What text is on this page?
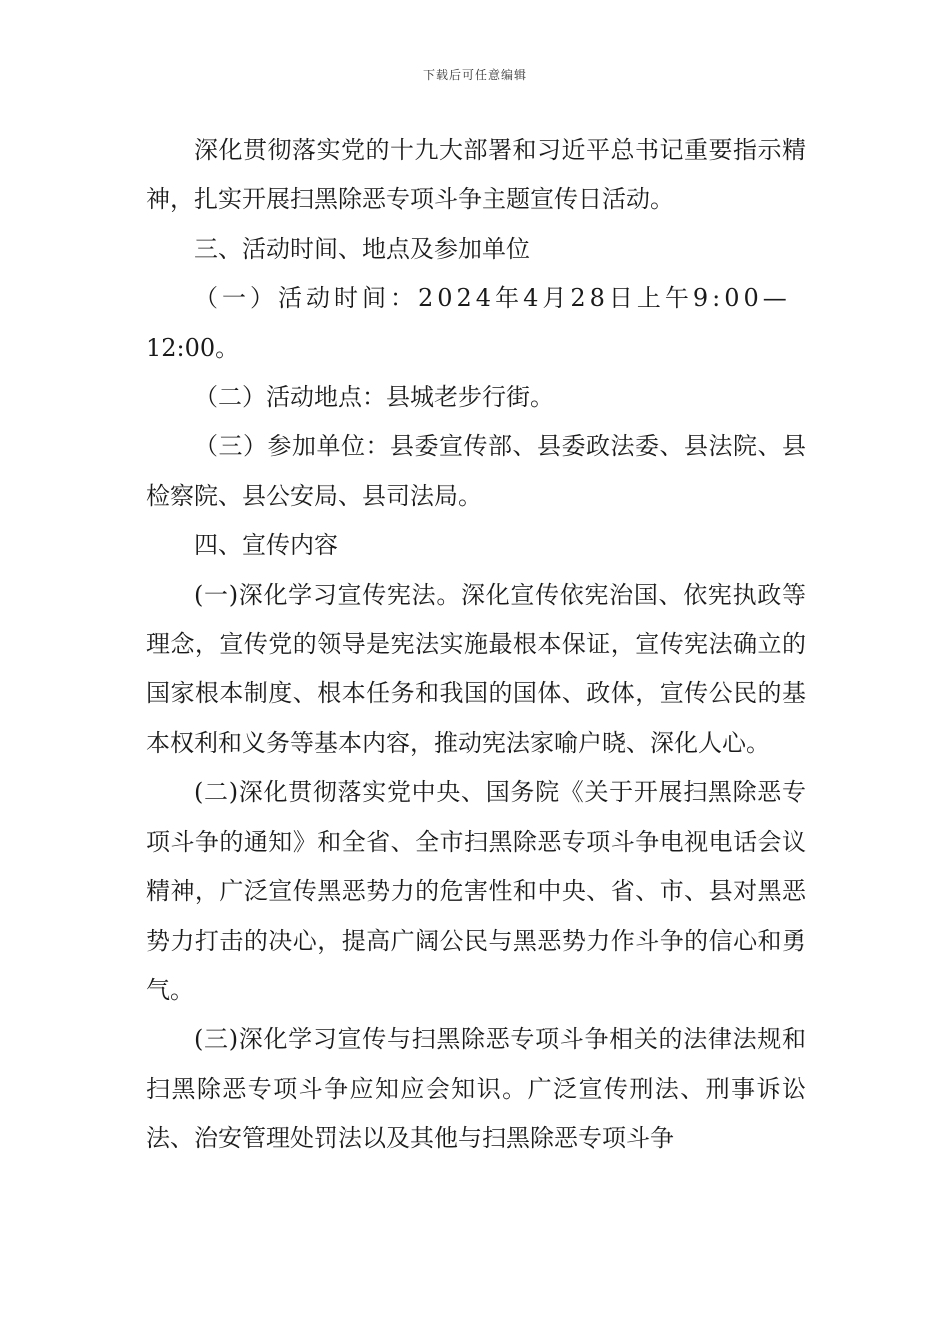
下载后可任意编辑

深化贯彻落实党的十九大部署和习近平总书记重要指示精神，扎实开展扫黑除恶专项斗争主题宣传日活动。

三、活动时间、地点及参加单位

（一）活动时间：2024年4月28日上午9:00—
12:00。

（二）活动地点：县城老步行街。

（三）参加单位：县委宣传部、县委政法委、县法院、县检察院、县公安局、县司法局。

四、宣传内容

(一)深化学习宣传宪法。深化宣传依宪治国、依宪执政等理念，宣传党的领导是宪法实施最根本保证，宣传宪法确立的国家根本制度、根本任务和我国的国体、政体，宣传公民的基本权利和义务等基本内容，推动宪法家喻户晓、深化人心。

(二)深化贯彻落实党中央、国务院《关于开展扫黑除恶专项斗争的通知》和全省、全市扫黑除恶专项斗争电视电话会议精神，广泛宣传黑恶势力的危害性和中央、省、市、县对黑恶势力打击的决心，提高广阔公民与黑恶势力作斗争的信心和勇气。

(三)深化学习宣传与扫黑除恶专项斗争相关的法律法规和扫黑除恶专项斗争应知应会知识。广泛宣传刑法、刑事诉讼法、治安管理处罚法以及其他与扫黑除恶专项斗争
